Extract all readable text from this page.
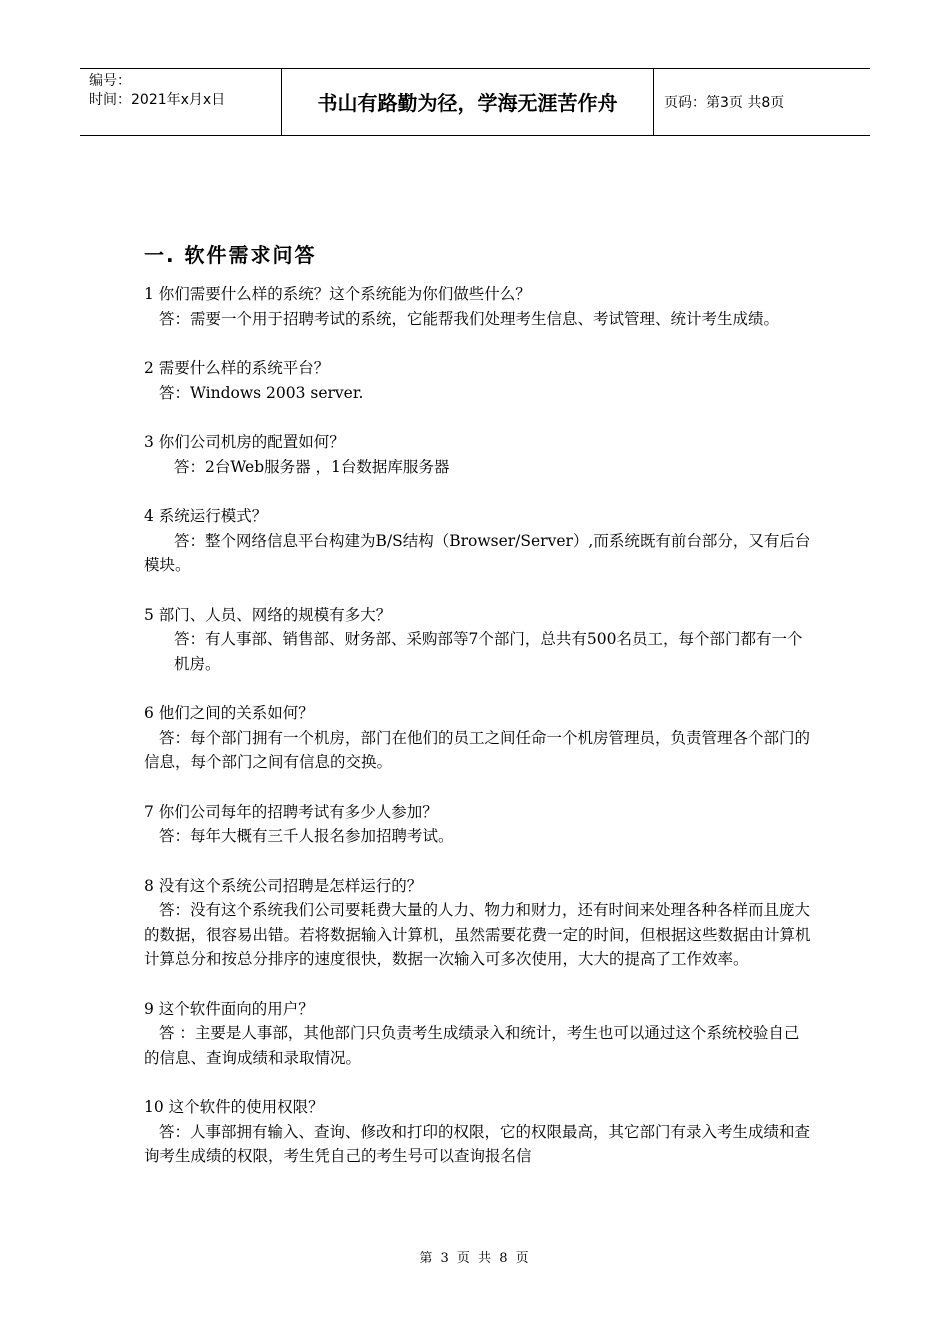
编号：
时间：2021年x月x日	书山有路勤为径，学海无涯苦作舟	页码：第3页 共8页
一. 软件需求问答
1 你们需要什么样的系统？这个系统能为你们做些什么？
答：需要一个用于招聘考试的系统，它能帮我们处理考生信息、考试管理、统计考生成绩。
2 需要什么样的系统平台？
答：Windows 2003 server.
3 你们公司机房的配置如何？
答：2台Web服务器 ，1台数据库服务器
4 系统运行模式？
答：整个网络信息平台构建为B/S结构（Browser/Server）,而系统既有前台部分，又有后台模块。
5 部门、人员、网络的规模有多大？
答：有人事部、销售部、财务部、采购部等7个部门，总共有500名员工，每个部门都有一个机房。
6 他们之间的关系如何？
答：每个部门拥有一个机房，部门在他们的员工之间任命一个机房管理员，负责管理各个部门的信息，每个部门之间有信息的交换。
7 你们公司每年的招聘考试有多少人参加？
答：每年大概有三千人报名参加招聘考试。
8 没有这个系统公司招聘是怎样运行的？
答：没有这个系统我们公司要耗费大量的人力、物力和财力，还有时间来处理各种各样而且庞大的数据，很容易出错。若将数据输入计算机，虽然需要花费一定的时间，但根据这些数据由计算机计算总分和按总分排序的速度很快，数据一次输入可多次使用，大大的提高了工作效率。
9 这个软件面向的用户？
答 ：主要是人事部，其他部门只负责考生成绩录入和统计，考生也可以通过这个系统校验自己的信息、查询成绩和录取情况。
10 这个软件的使用权限？
答：人事部拥有输入、查询、修改和打印的权限，它的权限最高，其它部门有录入考生成绩和查询考生成绩的权限，考生凭自己的考生号可以查询报名信
第 3 页 共 8 页
